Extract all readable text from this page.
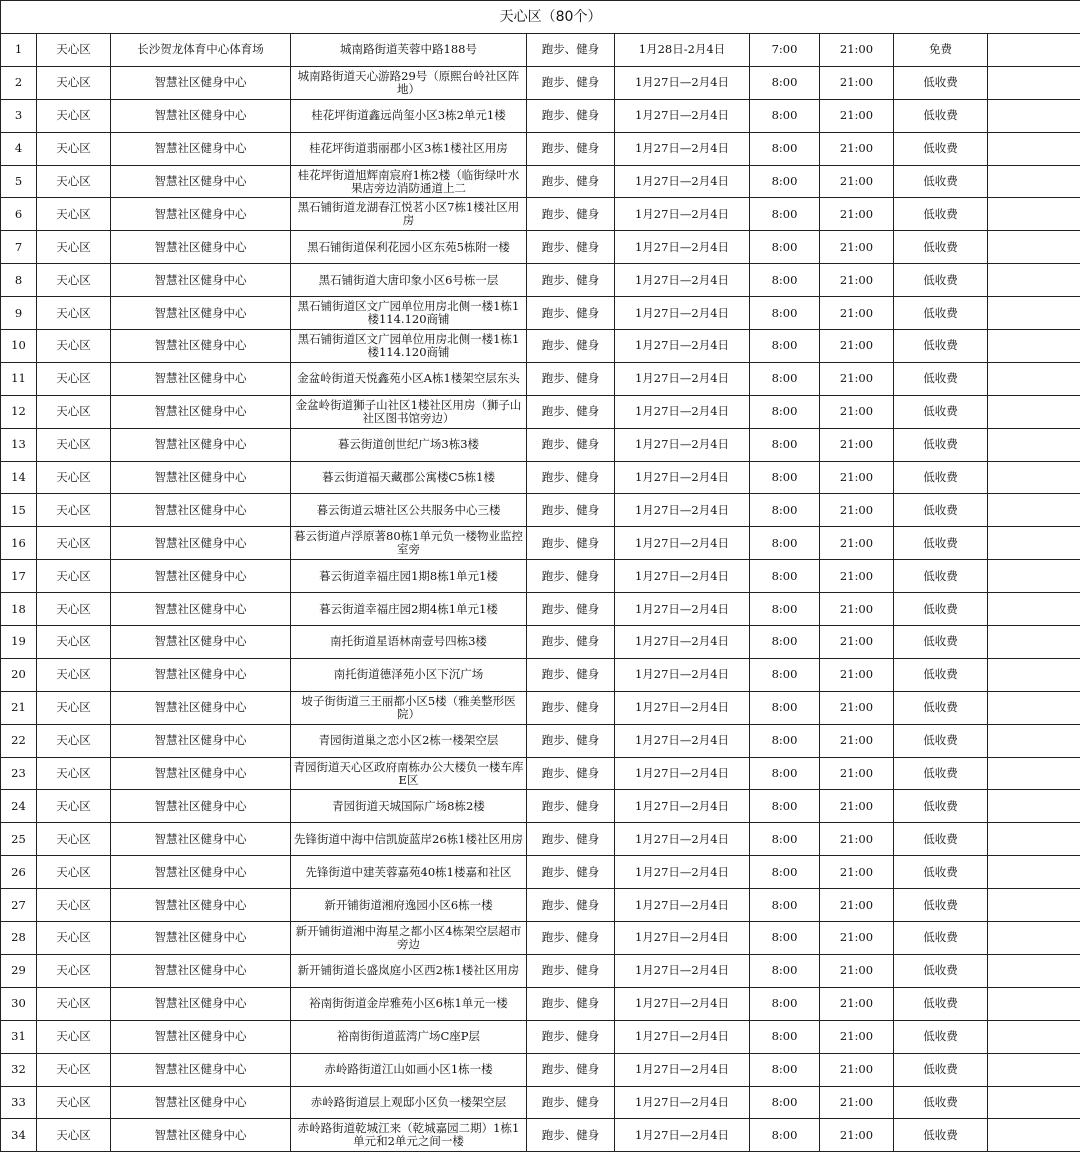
天心区（80个）									
1	天心区	长沙贺龙体育中心体育场	城南路街道芙蓉中路188号	跑步、健身	1月28日-2月4日	7:00	21:00	免费	
2	天心区	智慧社区健身中心	城南路街道天心游路29号（原熙台岭社区阵地）	跑步、健身	1月27日—2月4日	8:00	21:00	低收费	
3	天心区	智慧社区健身中心	桂花坪街道鑫远尚玺小区3栋2单元1楼	跑步、健身	1月27日—2月4日	8:00	21:00	低收费	
4	天心区	智慧社区健身中心	桂花坪街道翡丽郡小区3栋1楼社区用房	跑步、健身	1月27日—2月4日	8:00	21:00	低收费	
5	天心区	智慧社区健身中心	桂花坪街道旭辉南宸府1栋2楼（临街绿叶水果店旁边消防通道上二	跑步、健身	1月27日—2月4日	8:00	21:00	低收费	
6	天心区	智慧社区健身中心	黑石铺街道龙湖春江悦茗小区7栋1楼社区用房	跑步、健身	1月27日—2月4日	8:00	21:00	低收费	
7	天心区	智慧社区健身中心	黑石铺街道保利花园小区东苑5栋附一楼	跑步、健身	1月27日—2月4日	8:00	21:00	低收费	
8	天心区	智慧社区健身中心	黑石铺街道大唐印象小区6号栋一层	跑步、健身	1月27日—2月4日	8:00	21:00	低收费	
9	天心区	智慧社区健身中心	黑石铺街道区文广园单位用房北侧一楼1栋1楼114.120商铺	跑步、健身	1月27日—2月4日	8:00	21:00	低收费	
10	天心区	智慧社区健身中心	黑石铺街道区文广园单位用房北侧一楼1栋1楼114.120商铺	跑步、健身	1月27日—2月4日	8:00	21:00	低收费	
11	天心区	智慧社区健身中心	金盆岭街道天悦鑫苑小区A栋1楼架空层东头	跑步、健身	1月27日—2月4日	8:00	21:00	低收费	
12	天心区	智慧社区健身中心	金盆岭街道狮子山社区1楼社区用房（狮子山社区图书馆旁边）	跑步、健身	1月27日—2月4日	8:00	21:00	低收费	
13	天心区	智慧社区健身中心	暮云街道创世纪广场3栋3楼	跑步、健身	1月27日—2月4日	8:00	21:00	低收费	
14	天心区	智慧社区健身中心	暮云街道福天藏郡公寓楼C5栋1楼	跑步、健身	1月27日—2月4日	8:00	21:00	低收费	
15	天心区	智慧社区健身中心	暮云街道云塘社区公共服务中心三楼	跑步、健身	1月27日—2月4日	8:00	21:00	低收费	
16	天心区	智慧社区健身中心	暮云街道卢浮原著80栋1单元负一楼物业监控室旁	跑步、健身	1月27日—2月4日	8:00	21:00	低收费	
17	天心区	智慧社区健身中心	暮云街道幸福庄园1期8栋1单元1楼	跑步、健身	1月27日—2月4日	8:00	21:00	低收费	
18	天心区	智慧社区健身中心	暮云街道幸福庄园2期4栋1单元1楼	跑步、健身	1月27日—2月4日	8:00	21:00	低收费	
19	天心区	智慧社区健身中心	南托街道星语林南壹号四栋3楼	跑步、健身	1月27日—2月4日	8:00	21:00	低收费	
20	天心区	智慧社区健身中心	南托街道德泽苑小区下沉广场	跑步、健身	1月27日—2月4日	8:00	21:00	低收费	
21	天心区	智慧社区健身中心	坡子街街道三王丽都小区5楼（雅美整形医院）	跑步、健身	1月27日—2月4日	8:00	21:00	低收费	
22	天心区	智慧社区健身中心	青园街道巢之恋小区2栋一楼架空层	跑步、健身	1月27日—2月4日	8:00	21:00	低收费	
23	天心区	智慧社区健身中心	青园街道天心区政府南栋办公大楼负一楼车库E区	跑步、健身	1月27日—2月4日	8:00	21:00	低收费	
24	天心区	智慧社区健身中心	青园街道天城国际广场8栋2楼	跑步、健身	1月27日—2月4日	8:00	21:00	低收费	
25	天心区	智慧社区健身中心	先锋街道中海中信凯旋蓝岸26栋1楼社区用房	跑步、健身	1月27日—2月4日	8:00	21:00	低收费	
26	天心区	智慧社区健身中心	先锋街道中建芙蓉嘉苑40栋1楼嘉和社区	跑步、健身	1月27日—2月4日	8:00	21:00	低收费	
27	天心区	智慧社区健身中心	新开铺街道湘府逸园小区6栋一楼	跑步、健身	1月27日—2月4日	8:00	21:00	低收费	
28	天心区	智慧社区健身中心	新开铺街道湘中海星之都小区4栋架空层超市旁边	跑步、健身	1月27日—2月4日	8:00	21:00	低收费	
29	天心区	智慧社区健身中心	新开铺街道长盛岚庭小区西2栋1楼社区用房	跑步、健身	1月27日—2月4日	8:00	21:00	低收费	
30	天心区	智慧社区健身中心	裕南街街道金岸雅苑小区6栋1单元一楼	跑步、健身	1月27日—2月4日	8:00	21:00	低收费	
31	天心区	智慧社区健身中心	裕南街街道蓝湾广场C座P层	跑步、健身	1月27日—2月4日	8:00	21:00	低收费	
32	天心区	智慧社区健身中心	赤岭路街道江山如画小区1栋一楼	跑步、健身	1月27日—2月4日	8:00	21:00	低收费	
33	天心区	智慧社区健身中心	赤岭路街道层上观邸小区负一楼架空层	跑步、健身	1月27日—2月4日	8:00	21:00	低收费	
34	天心区	智慧社区健身中心	赤岭路街道乾城江来（乾城嘉园二期）1栋1单元和2单元之间一楼	跑步、健身	1月27日—2月4日	8:00	21:00	低收费	
